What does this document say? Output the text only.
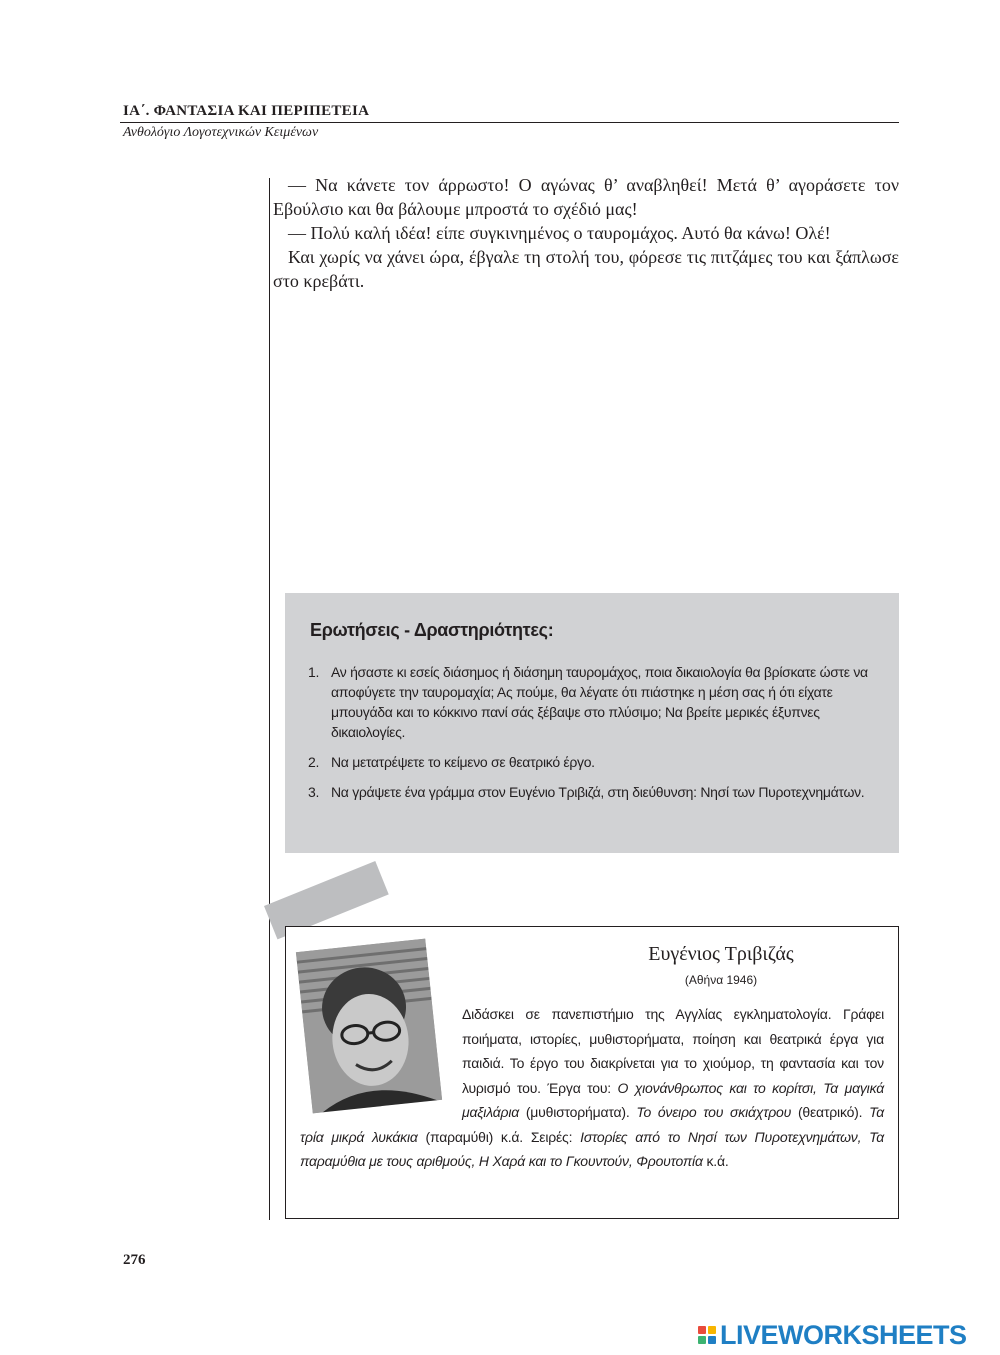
ΙΑ΄. ΦΑΝΤΑΣΙΑ ΚΑΙ ΠΕΡΙΠΕΤΕΙΑ
Ανθολόγιο Λογοτεχνικών Κειμένων

— Να κάνετε τον άρρωστο! Ο αγώνας θ’ αναβληθεί! Μετά θ’ αγοράσετε τον Εβούλσιο και θα βάλουμε μπροστά το σχέδιό μας!

— Πολύ καλή ιδέα! είπε συγκινημένος ο ταυρομάχος. Αυτό θα κάνω! Ολέ!

Και χωρίς να χάνει ώρα, έβγαλε τη στολή του, φόρεσε τις πιτζάμες του και ξάπλωσε στο κρεβάτι.

Ερωτήσεις - Δραστηριότητες:
1. Αν ήσαστε κι εσείς διάσημος ή διάσημη ταυρομάχος, ποια δικαιολογία θα βρίσκατε ώστε να αποφύγετε την ταυρομαχία; Ας πούμε, θα λέγατε ότι πιάστηκε η μέση σας ή ότι είχατε μπουγάδα και το κόκκινο πανί σάς ξέβαψε στο πλύσιμο; Να βρείτε μερικές έξυπνες δικαιολογίες.
2. Να μετατρέψετε το κείμενο σε θεατρικό έργο.
3. Να γράψετε ένα γράμμα στον Ευγένιο Τριβιζά, στη διεύθυνση: Νησί των Πυροτεχνημάτων.
Ευγένιος Τριβιζάς
(Αθήνα 1946)
Διδάσκει σε πανεπιστήμιο της Αγγλίας εγκληματολογία. Γράφει ποιήματα, ιστορίες, μυθιστορήματα, ποίηση και θεατρικά έργα για παιδιά. Το έργο του διακρίνεται για το χιούμορ, τη φαντασία και τον λυρισμό του. Έργα του: Ο χιονάνθρωπος και το κορίτσι, Τα μαγικά μαξιλάρια (μυθιστορήματα). Το όνειρο του σκιάχτρου (θεατρικό). Τα τρία μικρά λυκάκια (παραμύθι) κ.ά. Σειρές: Ιστορίες από το Νησί των Πυροτεχνημάτων, Τα παραμύθια με τους αριθμούς, Η Χαρά και το Γκουντούν, Φρουτοπία κ.ά.
276
LIVEWORKSHEETS
